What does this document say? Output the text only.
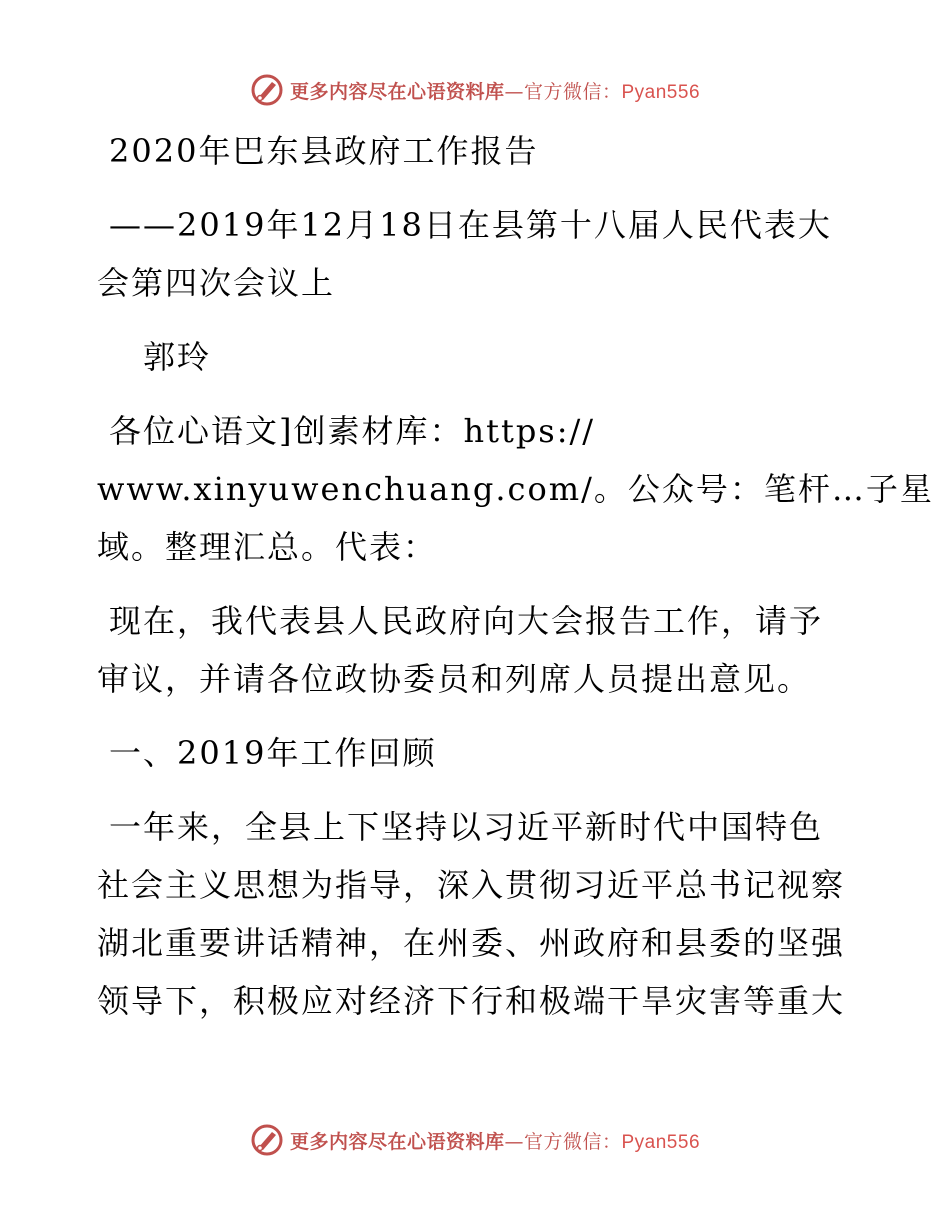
更多内容尽在心语资料库—官方微信：Pyan556
2020年巴东县政府工作报告
——2019年12月18日在县第十八届人民代表大
会第四次会议上
郭玲
各位心语文]创素材库：https://
www.xinyuwenchuang.com/。公众号：笔杆…子星
域。整理汇总。代表：
现在，我代表县人民政府向大会报告工作，请予
审议，并请各位政协委员和列席人员提出意见。
一、2019年工作回顾
一年来，全县上下坚持以习近平新时代中国特色
社会主义思想为指导，深入贯彻习近平总书记视察
湖北重要讲话精神，在州委、州政府和县委的坚强
领导下，积极应对经济下行和极端干旱灾害等重大
更多内容尽在心语资料库—官方微信：Pyan556
